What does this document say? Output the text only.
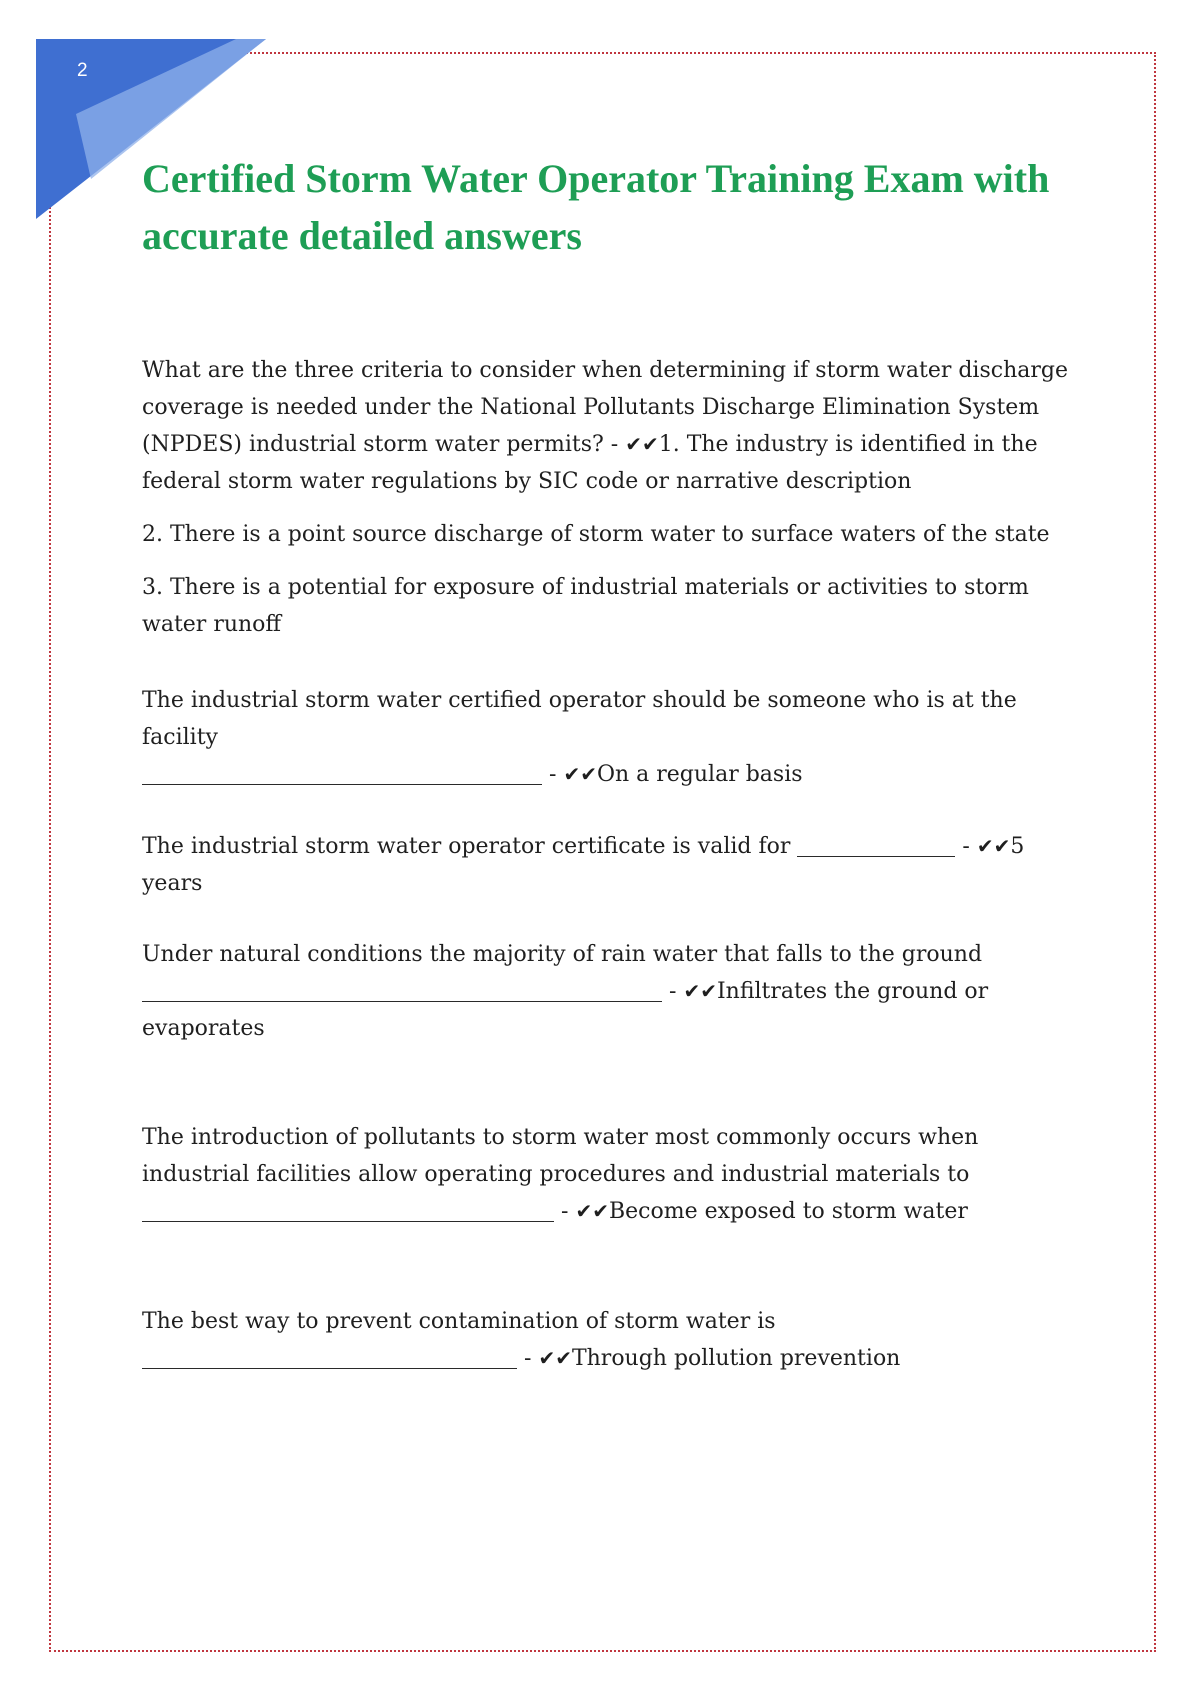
2
Certified Storm Water Operator Training Exam with accurate detailed answers

What are the three criteria to consider when determining if storm water discharge coverage is needed under the National Pollutants Discharge Elimination System (NPDES) industrial storm water permits? - ✔✔1. The industry is identified in the federal storm water regulations by SIC code or narrative description

2. There is a point source discharge of storm water to surface waters of the state

3. There is a potential for exposure of industrial materials or activities to storm water runoff

The industrial storm water certified operator should be someone who is at the facility
- ✔✔On a regular basis

The industrial storm water operator certificate is valid for	- ✔✔5 years

Under natural conditions the majority of rain water that falls to the ground
- ✔✔Infiltrates the ground or evaporates

The introduction of pollutants to storm water most commonly occurs when industrial facilities allow operating procedures and industrial materials to
- ✔✔Become exposed to storm water

The best way to prevent contamination of storm water is
- ✔✔Through pollution prevention
